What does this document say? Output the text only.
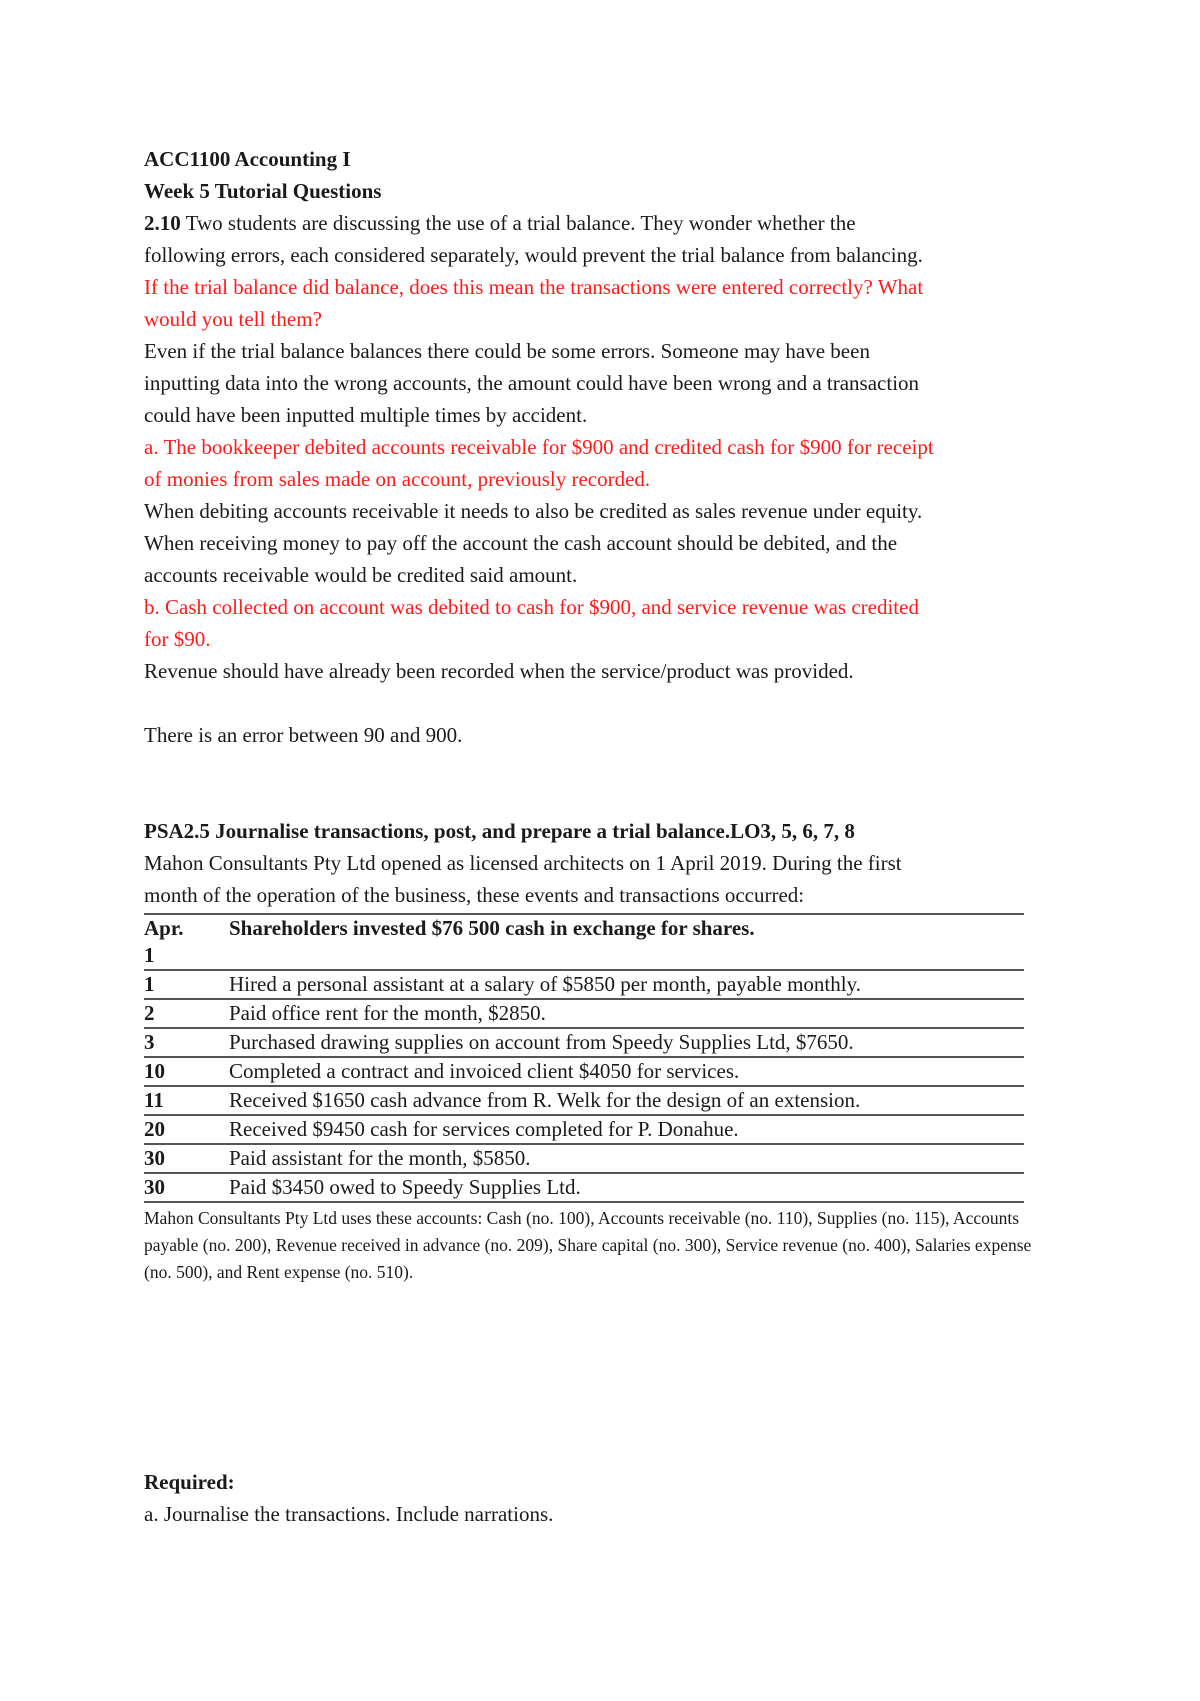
ACC1100 Accounting I

Week 5 Tutorial Questions

2.10 Two students are discussing the use of a trial balance. They wonder whether the

following errors, each considered separately, would prevent the trial balance from balancing.

If the trial balance did balance, does this mean the transactions were entered correctly? What

would you tell them?

Even if the trial balance balances there could be some errors. Someone may have been

inputting data into the wrong accounts, the amount could have been wrong and a transaction

could have been inputted multiple times by accident.

a. The bookkeeper debited accounts receivable for $900 and credited cash for $900 for receipt

of monies from sales made on account, previously recorded.

When debiting accounts receivable it needs to also be credited as sales revenue under equity.

When receiving money to pay off the account the cash account should be debited, and the

accounts receivable would be credited said amount.

b. Cash collected on account was debited to cash for $900, and service revenue was credited

for $90.

Revenue should have already been recorded when the service/product was provided.

There is an error between 90 and 900.

PSA2.5 Journalise transactions, post, and prepare a trial balance.LO3, 5, 6, 7, 8

Mahon Consultants Pty Ltd opened as licensed architects on 1 April 2019. During the first

month of the operation of the business, these events and transactions occurred:

Apr.
1	Shareholders invested $76 500 cash in exchange for shares.
1	Hired a personal assistant at a salary of $5850 per month, payable monthly.
2	Paid office rent for the month, $2850.
3	Purchased drawing supplies on account from Speedy Supplies Ltd, $7650.
10	Completed a contract and invoiced client $4050 for services.
11	Received $1650 cash advance from R. Welk for the design of an extension.
20	Received $9450 cash for services completed for P. Donahue.
30	Paid assistant for the month, $5850.
30	Paid $3450 owed to Speedy Supplies Ltd.

Mahon Consultants Pty Ltd uses these accounts: Cash (no. 100), Accounts receivable (no. 110), Supplies (no. 115), Accounts payable (no. 200), Revenue received in advance (no. 209), Share capital (no. 300), Service revenue (no. 400), Salaries expense (no. 500), and Rent expense (no. 510).

Required:

a. Journalise the transactions. Include narrations.
